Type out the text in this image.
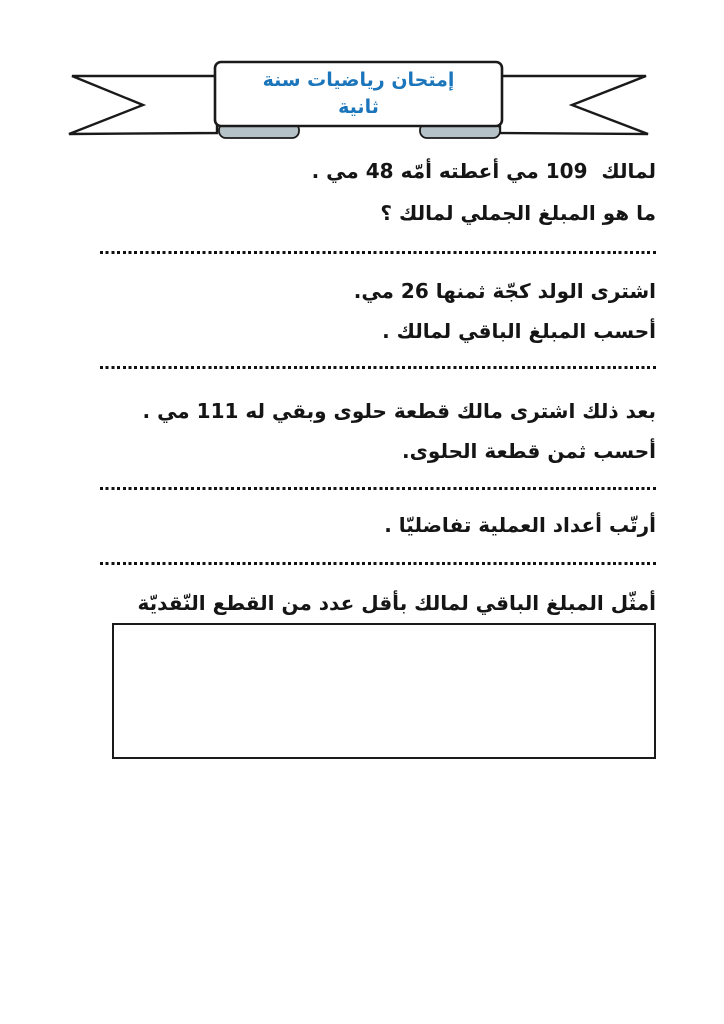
إمتحان رياضيات سنة
ثانية
لمالك  109 مي أعطته أمّه 48 مي .
ما هو المبلغ الجملي لمالك ؟
اشترى الولد كجّة ثمنها 26 مي.
أحسب المبلغ الباقي لمالك .
بعد ذلك اشترى مالك قطعة حلوى وبقي له 111 مي .
أحسب ثمن قطعة الحلوى.
أرتّب أعداد العملية تفاضليّا .
أمثّل المبلغ الباقي لمالك بأقل عدد من القطع النّقديّة
